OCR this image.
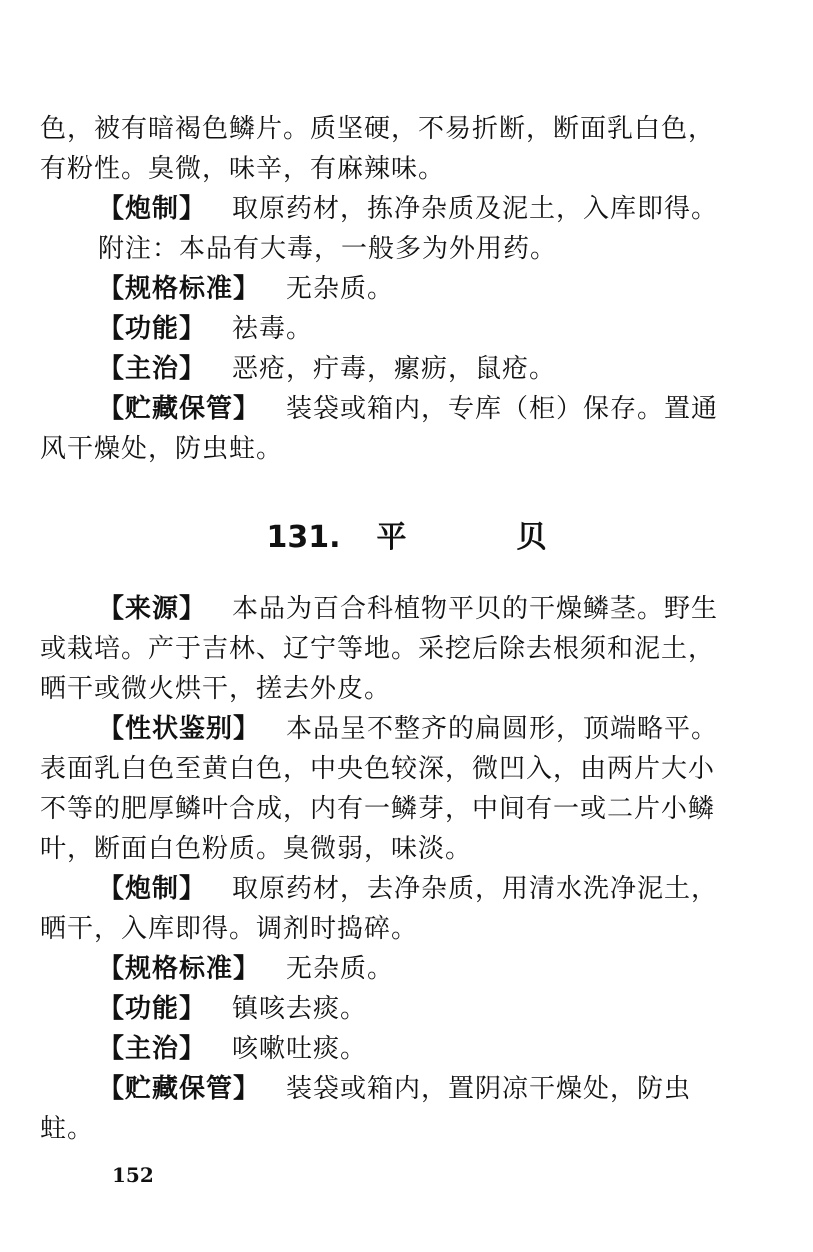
色，被有暗褐色鳞片。质坚硬，不易折断，断面乳白色，
有粉性。臭微，味辛，有麻辣味。
【炮制】 取原药材，拣净杂质及泥土，入库即得。
附注：本品有大毒，一般多为外用药。
【规格标准】 无杂质。
【功能】 祛毒。
【主治】 恶疮，疔毒，瘰疬，鼠疮。
【贮藏保管】 装袋或箱内，专库（柜）保存。置通
风干燥处，防虫蛀。
131. 平	贝
【来源】 本品为百合科植物平贝的干燥鳞茎。野生
或栽培。产于吉林、辽宁等地。采挖后除去根须和泥土，
晒干或微火烘干，搓去外皮。
【性状鉴别】 本品呈不整齐的扁圆形，顶端略平。
表面乳白色至黄白色，中央色较深，微凹入，由两片大小
不等的肥厚鳞叶合成，内有一鳞芽，中间有一或二片小鳞
叶，断面白色粉质。臭微弱，味淡。
【炮制】 取原药材，去净杂质，用清水洗净泥土，
晒干，入库即得。调剂时捣碎。
【规格标准】 无杂质。
【功能】 镇咳去痰。
【主治】 咳嗽吐痰。
【贮藏保管】 装袋或箱内，置阴凉干燥处，防虫
蛀。
152
